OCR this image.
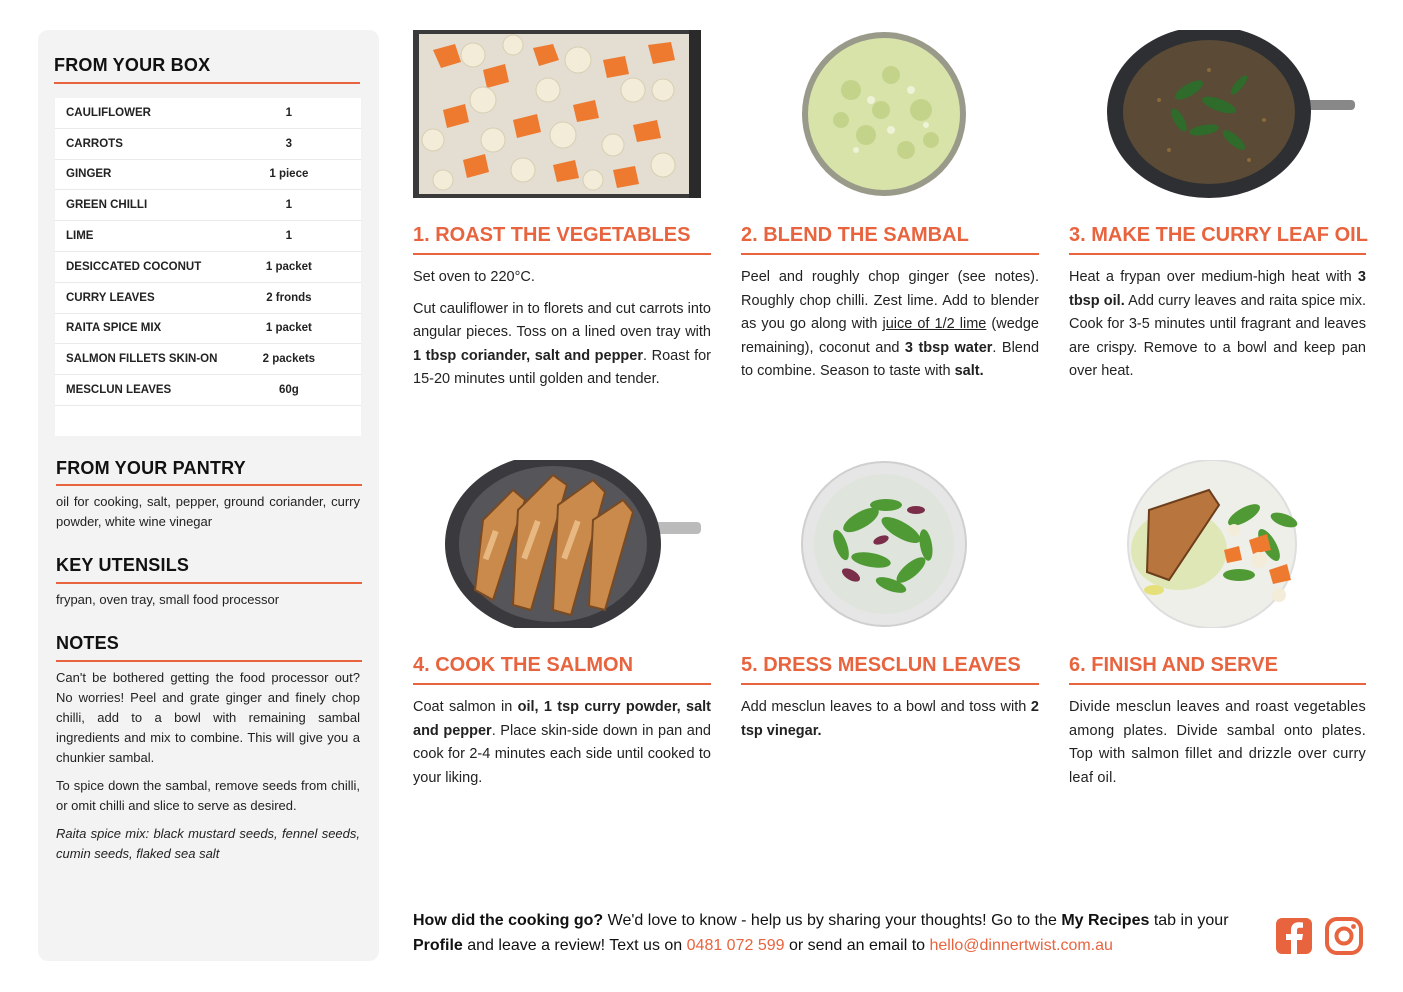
FROM YOUR BOX
CAULIFLOWER	1
CARROTS	3
GINGER	1 piece
GREEN CHILLI	1
LIME	1
DESICCATED COCONUT	1 packet
CURRY LEAVES	2 fronds
RAITA SPICE MIX	1 packet
SALMON FILLETS SKIN-ON	2 packets
MESCLUN LEAVES	60g
FROM YOUR PANTRY
oil for cooking, salt, pepper, ground coriander, curry powder, white wine vinegar
KEY UTENSILS
frypan, oven tray, small food processor
NOTES

Can't be bothered getting the food processor out? No worries! Peel and grate ginger and finely chop chilli, add to a bowl with remaining sambal ingredients and mix to combine. This will give you a chunkier sambal.

To spice down the sambal, remove seeds from chilli, or omit chilli and slice to serve as desired.

Raita spice mix: black mustard seeds, fennel seeds, cumin seeds, flaked sea salt

1. ROAST THE VEGETABLES

Set oven to 220°C.

Cut cauliflower in to florets and cut carrots into angular pieces. Toss on a lined oven tray with 1 tbsp coriander, salt and pepper. Roast for 15-20 minutes until golden and tender.

2. BLEND THE SAMBAL

Peel and roughly chop ginger (see notes). Roughly chop chilli. Zest lime. Add to blender as you go along with juice of 1/2 lime (wedge remaining), coconut and 3 tbsp water. Blend to combine. Season to taste with salt.

3. MAKE THE CURRY LEAF OIL

Heat a frypan over medium-high heat with 3 tbsp oil. Add curry leaves and raita spice mix. Cook for 3-5 minutes until fragrant and leaves are crispy. Remove to a bowl and keep pan over heat.

4. COOK THE SALMON

Coat salmon in oil, 1 tsp curry powder, salt and pepper. Place skin-side down in pan and cook for 2-4 minutes each side until cooked to your liking.

5. DRESS MESCLUN LEAVES

Add mesclun leaves to a bowl and toss with 2 tsp vinegar.

6. FINISH AND SERVE

Divide mesclun leaves and roast vegetables among plates. Divide sambal onto plates. Top with salmon fillet and drizzle over curry leaf oil.

How did the cooking go? We'd love to know - help us by sharing your thoughts! Go to the My Recipes tab in your Profile and leave a review! Text us on 0481 072 599 or send an email to hello@dinnertwist.com.au
